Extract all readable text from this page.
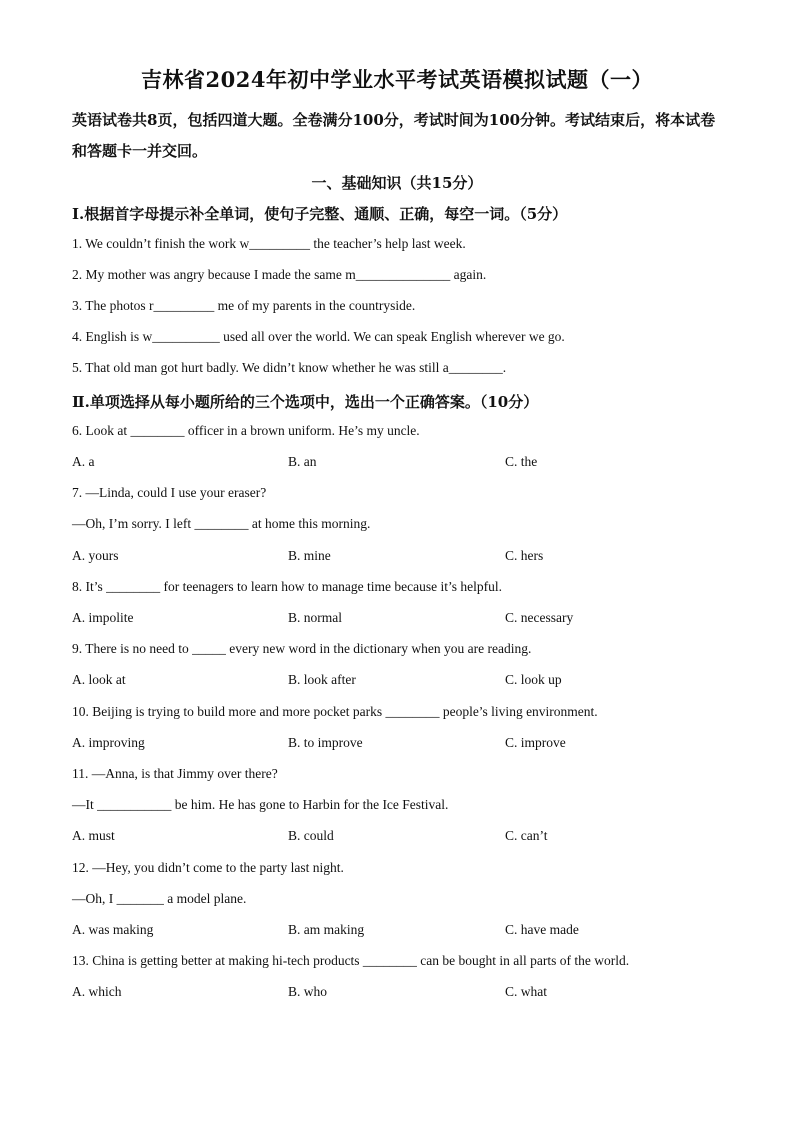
吉林省2024年初中学业水平考试英语模拟试题（一）
英语试卷共8页，包括四道大题。全卷满分100分，考试时间为100分钟。考试结束后，将本试卷和答题卡一并交回。
一、基础知识（共15分）
Ⅰ.根据首字母提示补全单词，使句子完整、通顺、正确，每空一词。（5分）
1. We couldn’t finish the work w_________ the teacher’s help last week.
2. My mother was angry because I made the same m______________ again.
3. The photos r_________ me of my parents in the countryside.
4. English is w__________ used all over the world. We can speak English wherever we go.
5. That old man got hurt badly. We didn’t know whether he was still a________.
Ⅱ.单项选择从每小题所给的三个选项中，选出一个正确答案。（10分）
6. Look at ________ officer in a brown uniform. He’s my uncle.
A. a	B. an	C. the
7. —Linda, could I use your eraser?
—Oh, I’m sorry. I left ________ at home this morning.
A. yours	B. mine	C. hers
8. It’s ________ for teenagers to learn how to manage time because it’s helpful.
A. impolite	B. normal	C. necessary
9. There is no need to _____ every new word in the dictionary when you are reading.
A. look at	B. look after	C. look up
10. Beijing is trying to build more and more pocket parks ________ people’s living environment.
A. improving	B. to improve	C. improve
11. —Anna, is that Jimmy over there?
—It ___________ be him. He has gone to Harbin for the Ice Festival.
A. must	B. could	C. can’t
12. —Hey, you didn’t come to the party last night.
—Oh, I _______ a model plane.
A. was making	B. am making	C. have made
13. China is getting better at making hi-tech products ________ can be bought in all parts of the world.
A. which	B. who	C. what
